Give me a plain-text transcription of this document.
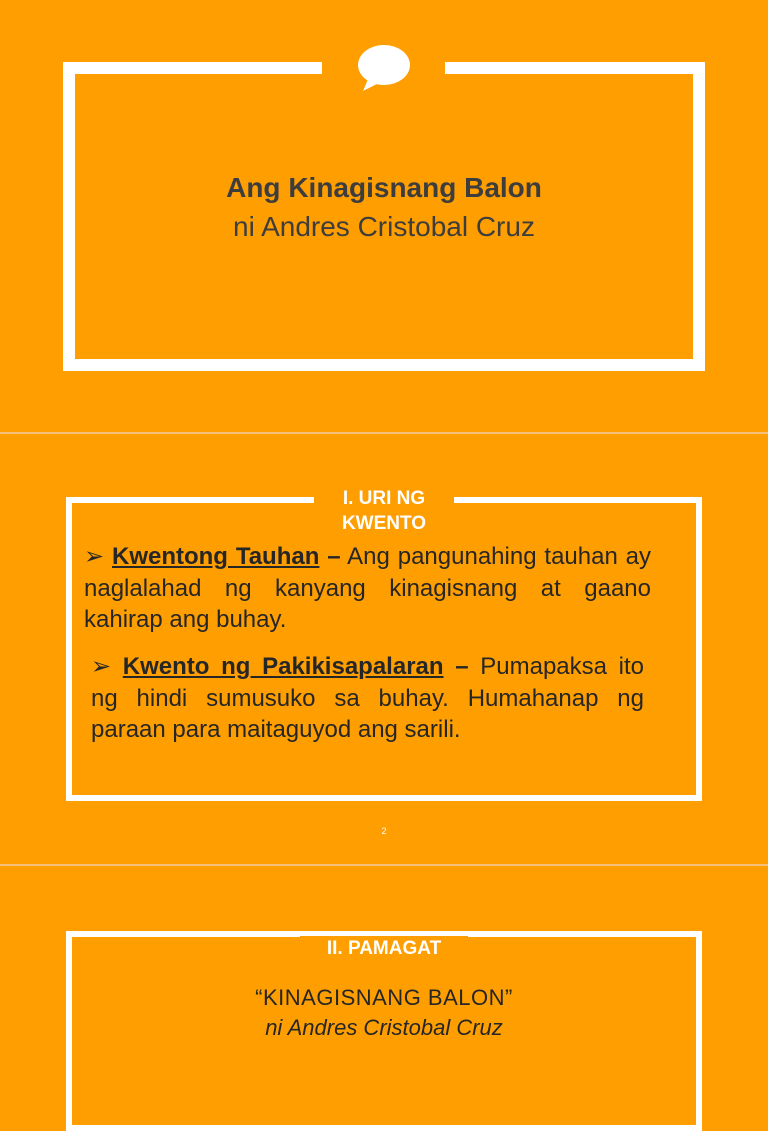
Ang Kinagisnang Balon
ni Andres Cristobal Cruz
I. URI NG
KWENTO
➢ Kwentong Tauhan – Ang pangunahing tauhan ay naglalahad ng kanyang kinagisnang at gaano kahirap ang buhay.
➢ Kwento ng Pakikisapalaran – Pumapaksa ito ng hindi sumusuko sa buhay. Humahanap ng paraan para maitaguyod ang sarili.
2
II. PAMAGAT
“KINAGISNANG BALON”
ni Andres Cristobal Cruz
